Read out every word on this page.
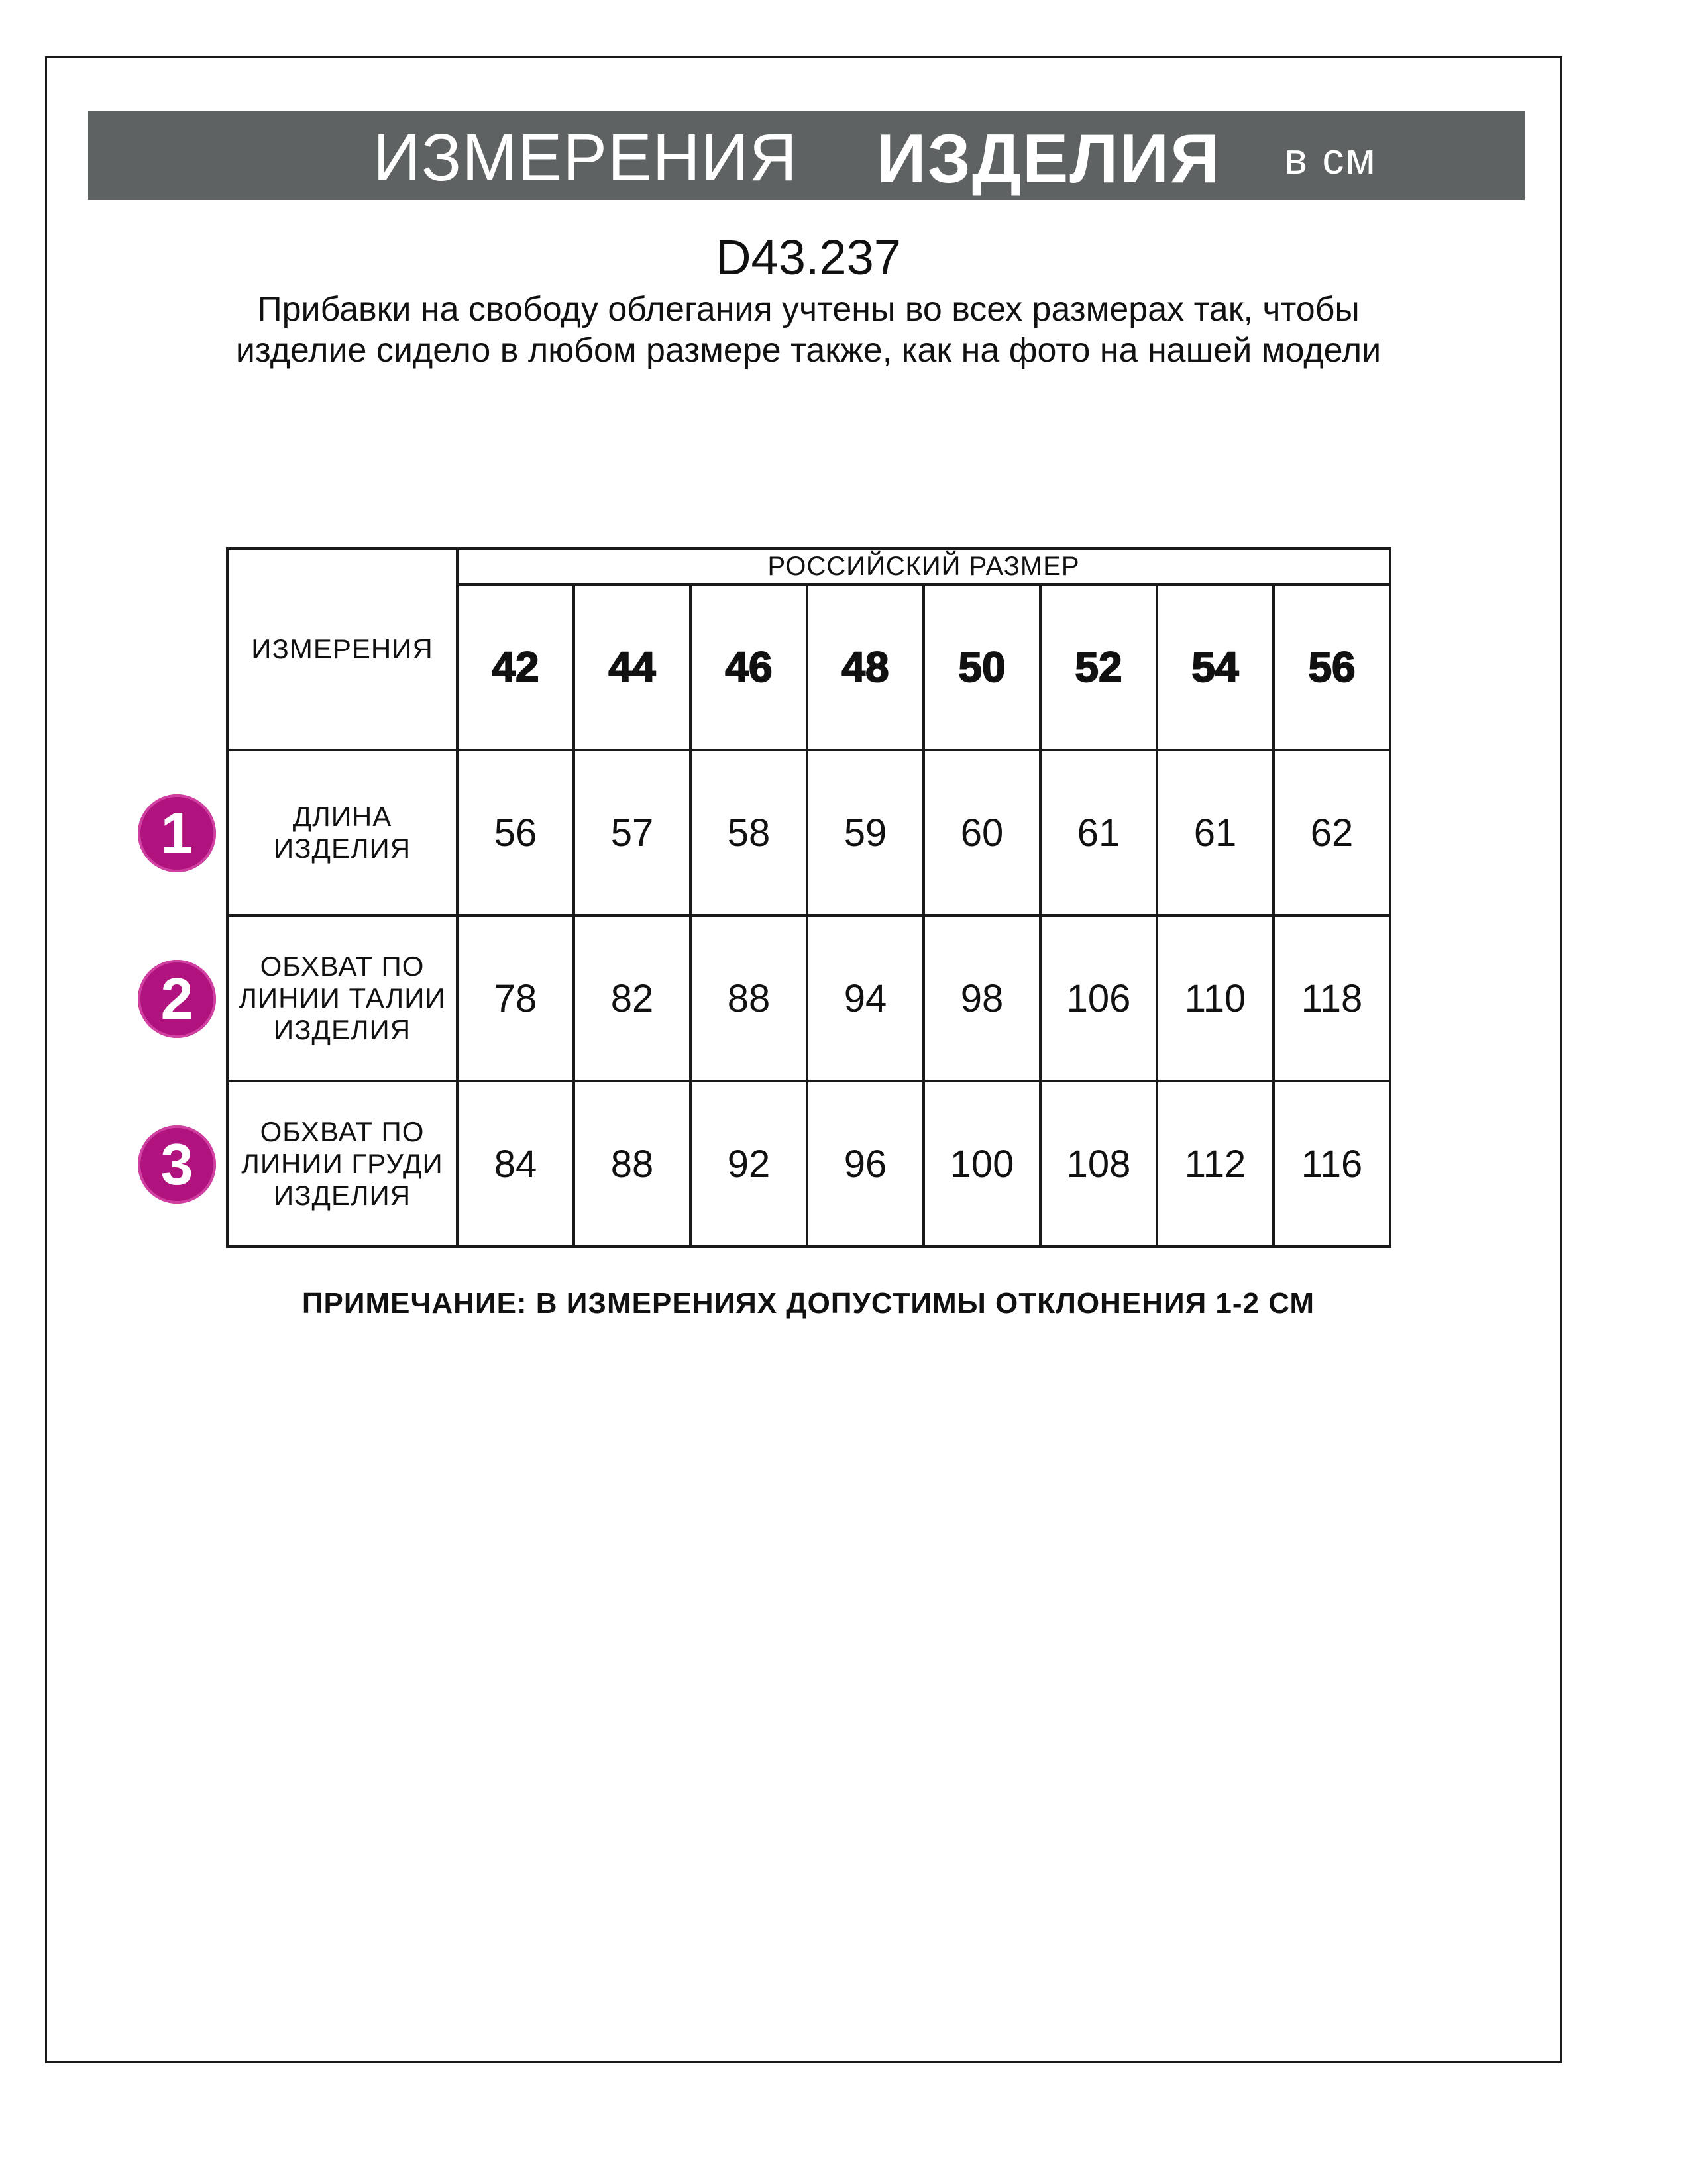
ИЗМЕРЕНИЯ ИЗДЕЛИЯ в см
D43.237
Прибавки на свободу облегания учтены во всех размерах так, чтобы изделие сидело в любом размере также, как на фото на нашей модели
ИЗМЕРЕНИЯ	РОССИЙСКИЙ РАЗМЕР							
	42	44	46	48	50	52	54	56
ДЛИНА ИЗДЕЛИЯ	56	57	58	59	60	61	61	62
ОБХВАТ ПО ЛИНИИ ТАЛИИ ИЗДЕЛИЯ	78	82	88	94	98	106	110	118
ОБХВАТ ПО ЛИНИИ ГРУДИ ИЗДЕЛИЯ	84	88	92	96	100	108	112	116
1
2
3
ПРИМЕЧАНИЕ: В ИЗМЕРЕНИЯХ ДОПУСТИМЫ ОТКЛОНЕНИЯ 1-2 СМ
